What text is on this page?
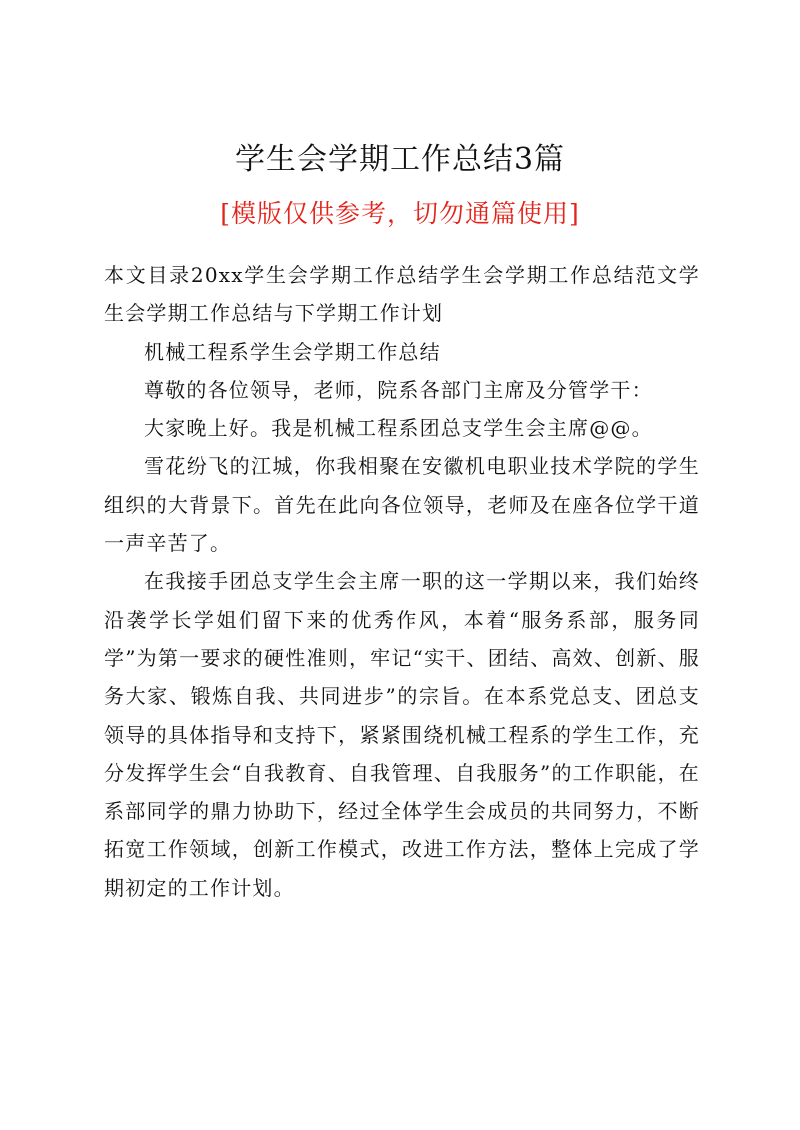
学生会学期工作总结3篇
[模版仅供参考，切勿通篇使用]

本文目录20xx学生会学期工作总结学生会学期工作总结范文学生会学期工作总结与下学期工作计划

机械工程系学生会学期工作总结

尊敬的各位领导，老师，院系各部门主席及分管学干：

大家晚上好。我是机械工程系团总支学生会主席@@。

雪花纷飞的江城，你我相聚在安徽机电职业技术学院的学生组织的大背景下。首先在此向各位领导，老师及在座各位学干道一声辛苦了。

在我接手团总支学生会主席一职的这一学期以来，我们始终沿袭学长学姐们留下来的优秀作风，本着“服务系部，服务同学”为第一要求的硬性准则，牢记“实干、团结、高效、创新、服务大家、锻炼自我、共同进步”的宗旨。在本系党总支、团总支领导的具体指导和支持下，紧紧围绕机械工程系的学生工作，充分发挥学生会“自我教育、自我管理、自我服务”的工作职能，在系部同学的鼎力协助下，经过全体学生会成员的共同努力，不断拓宽工作领域，创新工作模式，改进工作方法，整体上完成了学期初定的工作计划。
